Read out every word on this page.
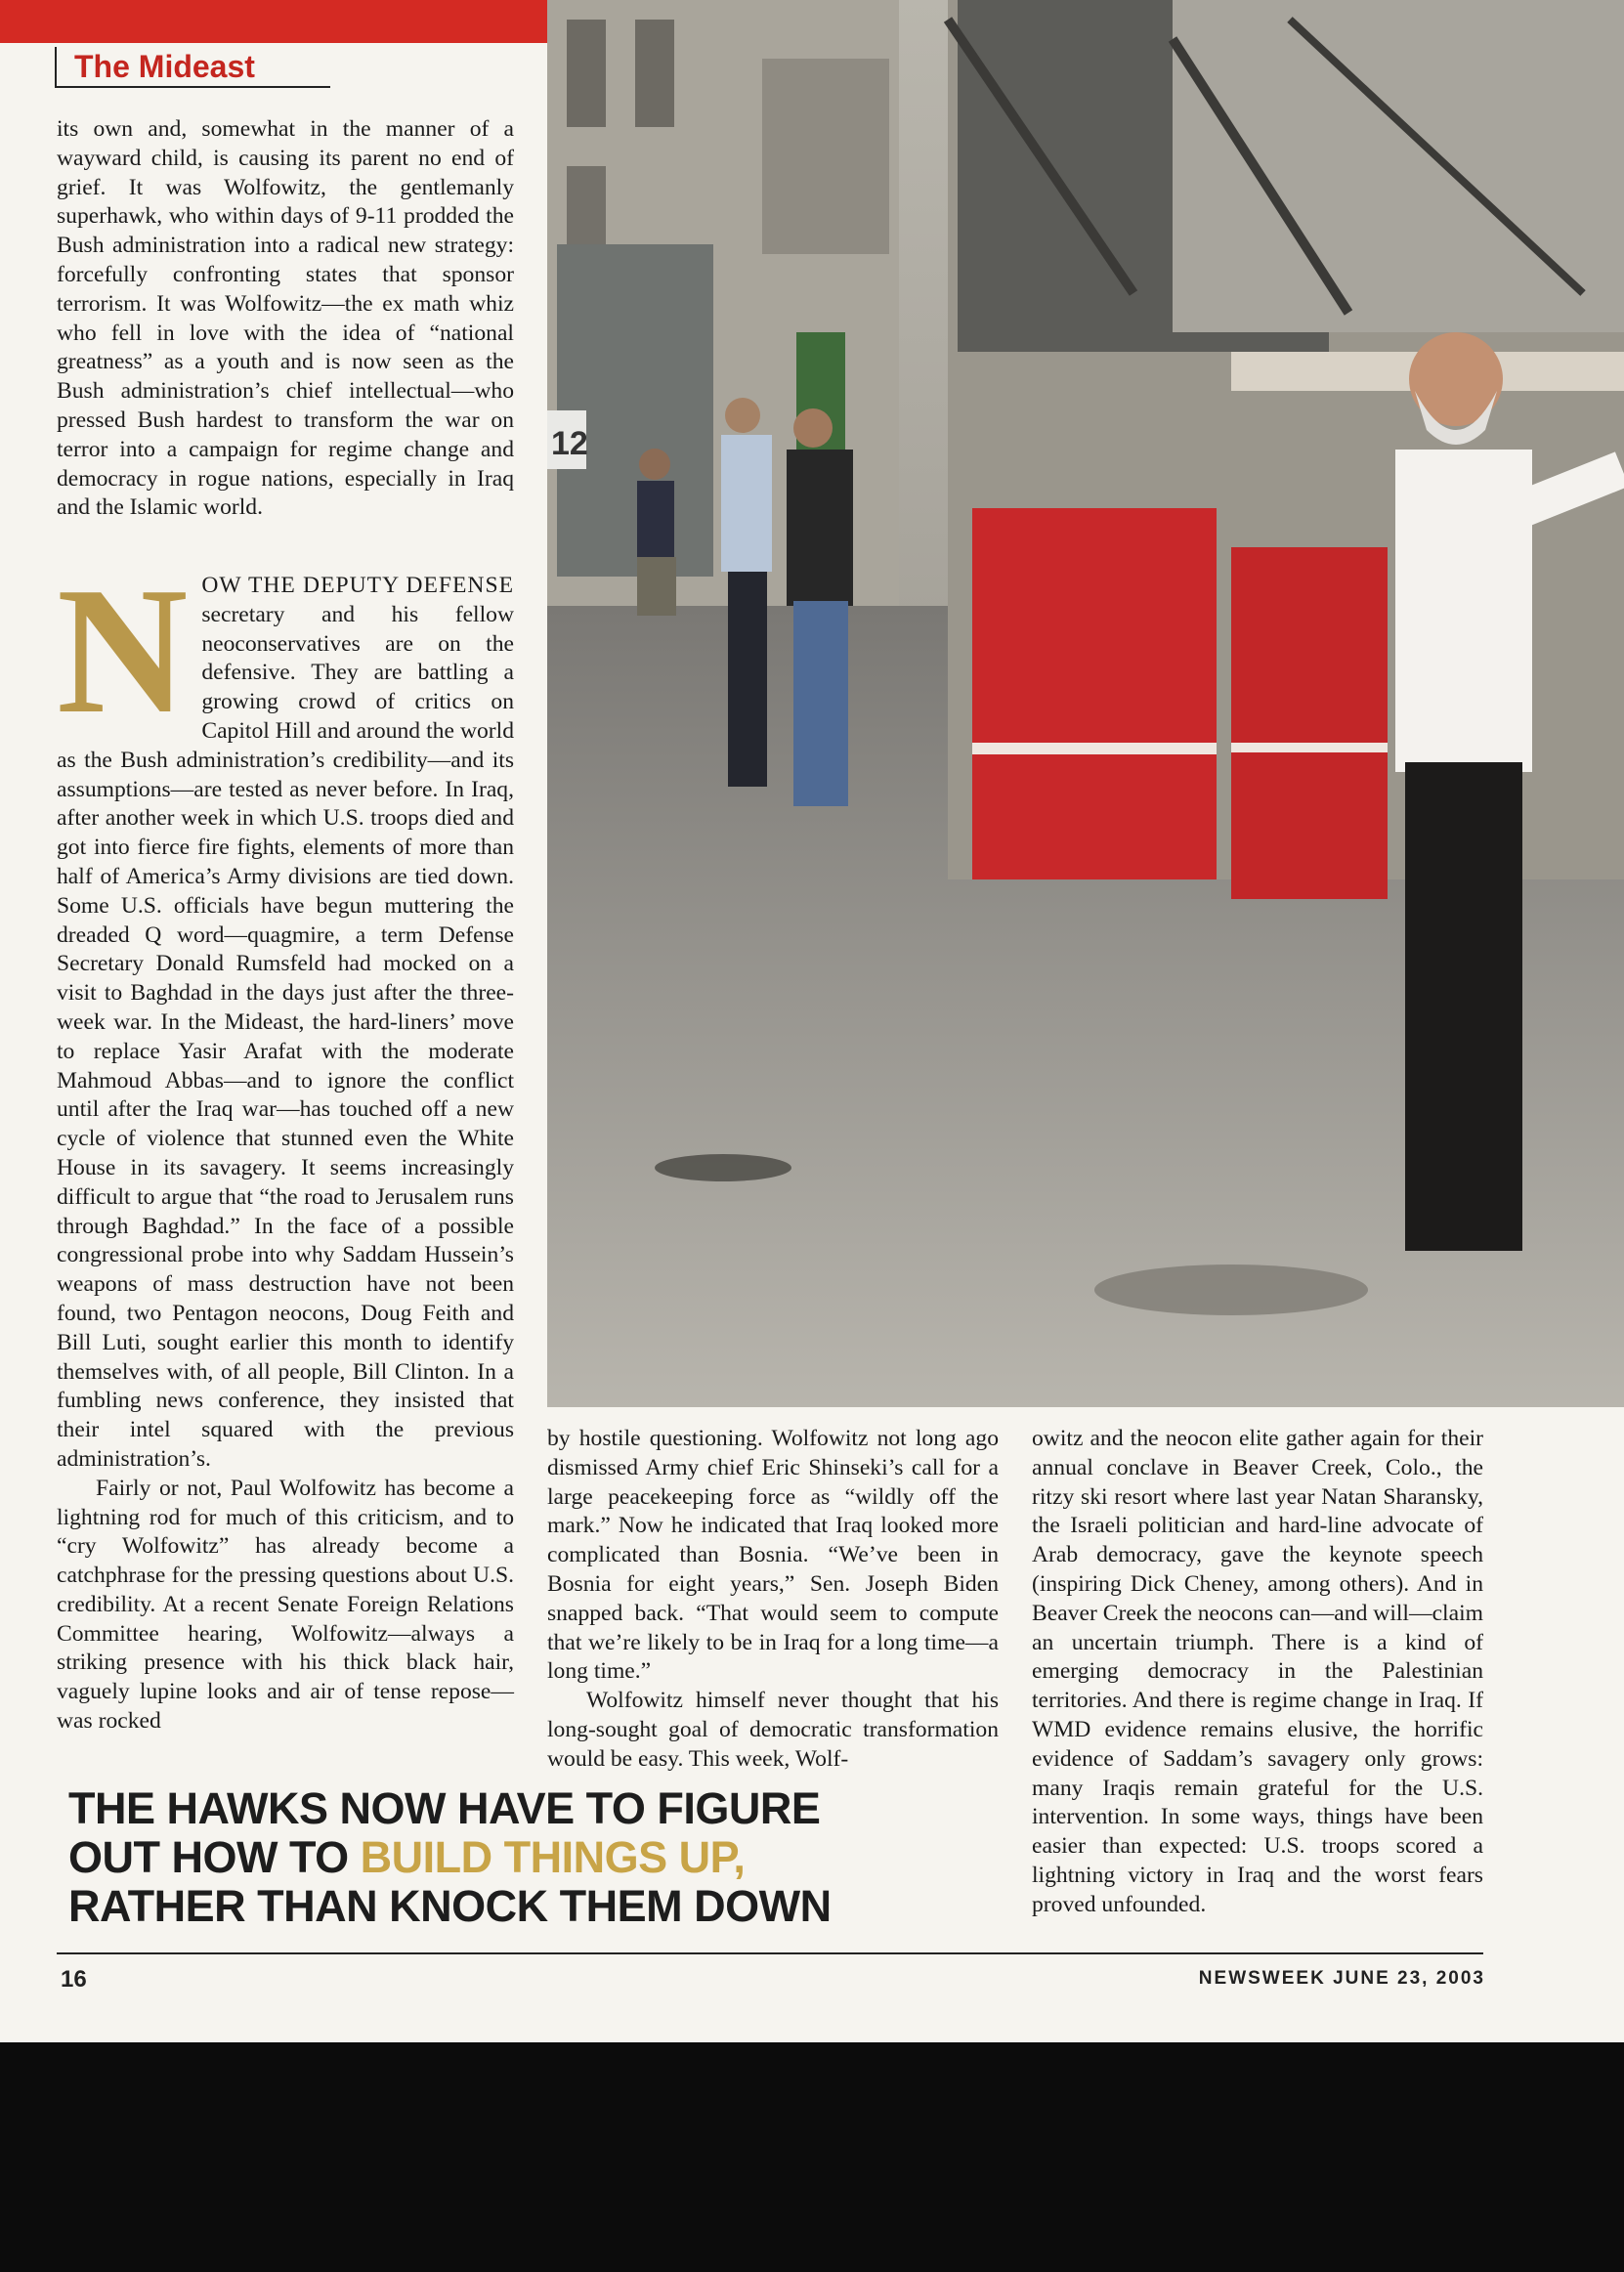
The Mideast
12

its own and, somewhat in the manner of a wayward child, is causing its parent no end of grief. It was Wolfowitz, the gentlemanly superhawk, who within days of 9-11 prodded the Bush administration into a radical new strategy: forcefully confronting states that sponsor terrorism. It was Wolfowitz—the ex math whiz who fell in love with the idea of “national greatness” as a youth and is now seen as the Bush administration’s chief intellectual—who pressed Bush hardest to transform the war on terror into a campaign for regime change and democracy in rogue nations, especially in Iraq and the Islamic world.

NOW THE DEPUTY DEFENSE secretary and his fellow neoconservatives are on the defensive. They are battling a growing crowd of critics on Capitol Hill and around the world as the Bush administration’s credibility—and its assumptions—are tested as never before. In Iraq, after another week in which U.S. troops died and got into fierce fire fights, elements of more than half of America’s Army divisions are tied down. Some U.S. officials have begun muttering the dreaded Q word—quagmire, a term Defense Secretary Donald Rumsfeld had mocked on a visit to Baghdad in the days just after the three-week war. In the Mideast, the hard-liners’ move to replace Yasir Arafat with the moderate Mahmoud Abbas—and to ignore the conflict until after the Iraq war—has touched off a new cycle of violence that stunned even the White House in its savagery. It seems increasingly difficult to argue that “the road to Jerusalem runs through Baghdad.” In the face of a possible congressional probe into why Saddam Hussein’s weapons of mass destruction have not been found, two Pentagon neocons, Doug Feith and Bill Luti, sought earlier this month to identify themselves with, of all people, Bill Clinton. In a fumbling news conference, they insisted that their intel squared with the previous administration’s.

Fairly or not, Paul Wolfowitz has become a lightning rod for much of this criticism, and to “cry Wolfowitz” has already become a catchphrase for the pressing questions about U.S. credibility. At a recent Senate Foreign Relations Committee hearing, Wolfowitz—always a striking presence with his thick black hair, vaguely lupine looks and air of tense repose—was rocked

by hostile questioning. Wolfowitz not long ago dismissed Army chief Eric Shinseki’s call for a large peacekeeping force as “wildly off the mark.” Now he indicated that Iraq looked more complicated than Bosnia. “We’ve been in Bosnia for eight years,” Sen. Joseph Biden snapped back. “That would seem to compute that we’re likely to be in Iraq for a long time—a long time.”

Wolfowitz himself never thought that his long-sought goal of democratic transformation would be easy. This week, Wolf-

owitz and the neocon elite gather again for their annual conclave in Beaver Creek, Colo., the ritzy ski resort where last year Natan Sharansky, the Israeli politician and hard-line advocate of Arab democracy, gave the keynote speech (inspiring Dick Cheney, among others). And in Beaver Creek the neocons can—and will—claim an uncertain triumph. There is a kind of emerging democracy in the Palestinian territories. And there is regime change in Iraq. If WMD evidence remains elusive, the horrific evidence of Saddam’s savagery only grows: many Iraqis remain grateful for the U.S. intervention. In some ways, things have been easier than expected: U.S. troops scored a lightning victory in Iraq and the worst fears proved unfounded.

THE HAWKS NOW HAVE TO FIGURE
OUT HOW TO BUILD THINGS UP,
RATHER THAN KNOCK THEM DOWN
16	NEWSWEEK JUNE 23, 2003
